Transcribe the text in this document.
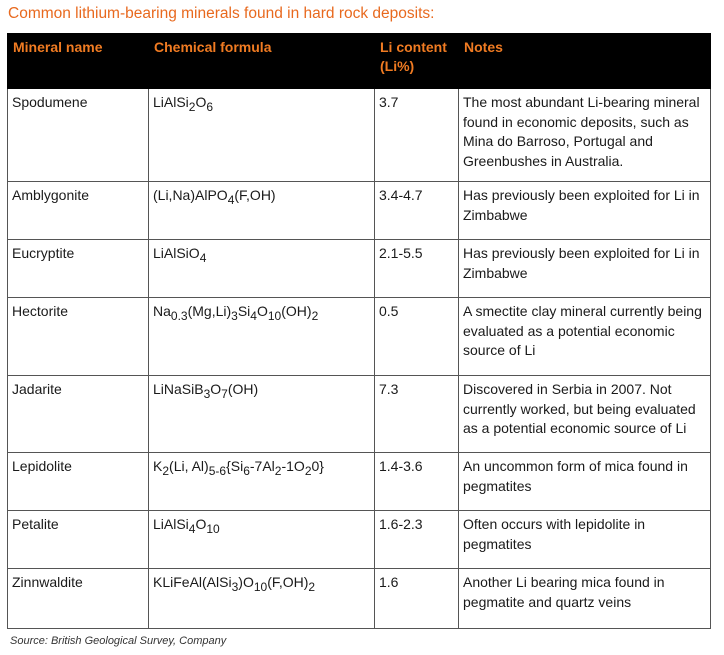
Common lithium-bearing minerals found in hard rock deposits:
Mineral name	Chemical formula	Li content (Li%)	Notes
Spodumene	$LiAlSi_2O_6$	3.7	The most abundant Li-bearing mineral found in economic deposits, such as Mina do Barroso, Portugal and Greenbushes in Australia.
Amblygonite	(Li,Na)AlPO$_4$(F,OH)	3.4-4.7	Has previously been exploited for Li in Zimbabwe
Eucryptite	LiAlSiO$_4$	2.1-5.5	Has previously been exploited for Li in Zimbabwe
Hectorite	$Na_{0.3}(Mg,Li)_3Si_4O_{10}(OH)_2$	0.5	A smectite clay mineral currently being evaluated as a potential economic source of Li
Jadarite	$LiNaSiB_3O_7(OH)$	7.3	Discovered in Serbia in 2007. Not currently worked, but being evaluated as a potential economic source of Li
Lepidolite	$K_2(Li$, $Al)_{5-6}\{Si_6-7Al_2-1O_20\}$	1.4-3.6	An uncommon form of mica found in pegmatites
Petalite	$LiAlSi_4O_{10}$	1.6-2.3	Often occurs with lepidolite in pegmatites
Zinnwaldite	$KLiFeAl(AlSi_3)O_{10}(F,OH)_2$	1.6	Another Li bearing mica found in pegmatite and quartz veins
Source: British Geological Survey, Company
